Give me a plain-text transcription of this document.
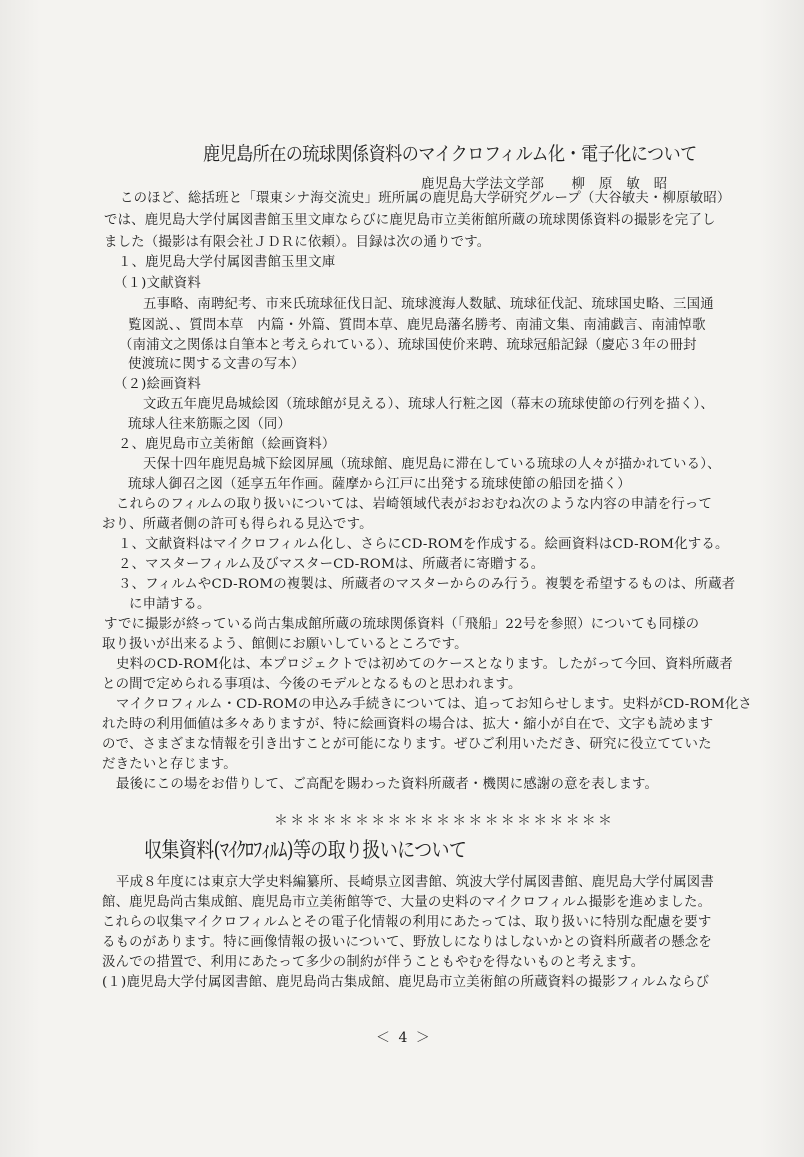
鹿児島所在の琉球関係資料のマイクロフィルム化・電子化について
鹿児島大学法文学部　　柳　原　敏　昭
このほど、総括班と「環東シナ海交流史」班所属の鹿児島大学研究グループ（大谷敏夫・柳原敏昭）
では、鹿児島大学付属図書館玉里文庫ならびに鹿児島市立美術館所蔵の琉球関係資料の撮影を完了し
ました（撮影は有限会社ＪＤＲに依頼）。目録は次の通りです。
１、鹿児島大学付属図書館玉里文庫
（１)文献資料
五事略、南聘紀考、市来氏琉球征伐日記、琉球渡海人数賦、琉球征伐記、琉球国史略、三国通
覧図説、、質問本草　内篇・外篇、質問本草、鹿児島藩名勝考、南浦文集、南浦戯言、南浦悼歌
（南浦文之関係は自筆本と考えられている）、琉球国使价来聘、琉球冠船記録（慶応３年の冊封
使渡琉に関する文書の写本）
（２)絵画資料
文政五年鹿児島城絵図（琉球館が見える）、琉球人行粧之図（幕末の琉球使節の行列を描く）、
琉球人往来筋賑之図（同）
２、鹿児島市立美術館（絵画資料）
天保十四年鹿児島城下絵図屏風（琉球館、鹿児島に滞在している琉球の人々が描かれている）、
琉球人御召之図（延享五年作画。薩摩から江戸に出発する琉球使節の船団を描く）
これらのフィルムの取り扱いについては、岩崎領域代表がおおむね次のような内容の申請を行って
おり、所蔵者側の許可も得られる見込です。
１、文献資料はマイクロフィルム化し、さらにCD-ROMを作成する。絵画資料はCD-ROM化する。
２、マスターフィルム及びマスターCD-ROMは、所蔵者に寄贈する。
３、フィルムやCD-ROMの複製は、所蔵者のマスターからのみ行う。複製を希望するものは、所蔵者
に申請する。
すでに撮影が終っている尚古集成館所蔵の琉球関係資料（「飛船」22号を参照）についても同様の
取り扱いが出来るよう、館側にお願いしているところです。
史料のCD-ROM化は、本プロジェクトでは初めてのケースとなります。したがって今回、資料所蔵者
との間で定められる事項は、今後のモデルとなるものと思われます。
マイクロフィルム・CD-ROMの申込み手続きについては、追ってお知らせします。史料がCD-ROM化さ
れた時の利用価値は多々ありますが、特に絵画資料の場合は、拡大・縮小が自在で、文字も読めます
ので、さまざまな情報を引き出すことが可能になります。ぜひご利用いただき、研究に役立てていた
だきたいと存じます。
最後にこの場をお借りして、ご高配を賜わった資料所蔵者・機関に感謝の意を表します。
＊＊＊＊＊＊＊＊＊＊＊＊＊＊＊＊＊＊＊＊＊
収集資料(ﾏｲｸﾛﾌｨﾙﾑ)等の取り扱いについて
平成８年度には東京大学史料編纂所、長崎県立図書館、筑波大学付属図書館、鹿児島大学付属図書
館、鹿児島尚古集成館、鹿児島市立美術館等で、大量の史料のマイクロフィルム撮影を進めました。
これらの収集マイクロフィルムとその電子化情報の利用にあたっては、取り扱いに特別な配慮を要す
るものがあります。特に画像情報の扱いについて、野放しになりはしないかとの資料所蔵者の懸念を
汲んでの措置で、利用にあたって多少の制約が伴うこともやむを得ないものと考えます。
(１)鹿児島大学付属図書館、鹿児島尚古集成館、鹿児島市立美術館の所蔵資料の撮影フィルムならび
＜ 4 ＞
